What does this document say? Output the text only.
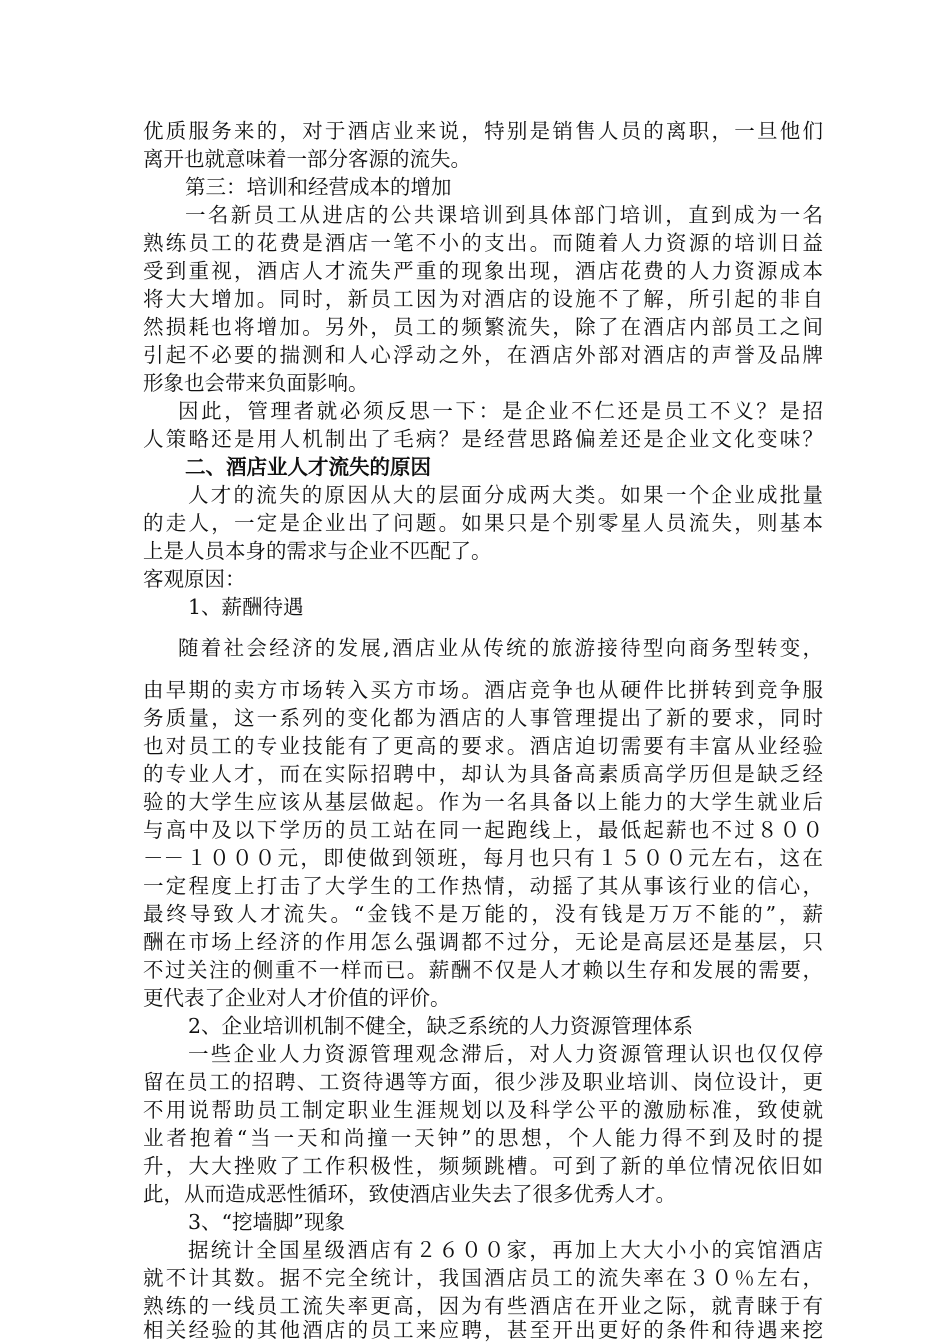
优质服务来的，对于酒店业来说，特别是销售人员的离职，一旦他们
离开也就意味着一部分客源的流失。
第三：培训和经营成本的增加
一名新员工从进店的公共课培训到具体部门培训，直到成为一名
熟练员工的花费是酒店一笔不小的支出。而随着人力资源的培训日益
受到重视，酒店人才流失严重的现象出现，酒店花费的人力资源成本
将大大增加。同时，新员工因为对酒店的设施不了解，所引起的非自
然损耗也将增加。另外，员工的频繁流失，除了在酒店内部员工之间
引起不必要的揣测和人心浮动之外，在酒店外部对酒店的声誉及品牌
形象也会带来负面影响。
因此，管理者就必须反思一下：是企业不仁还是员工不义？是招
人策略还是用人机制出了毛病？是经营思路偏差还是企业文化变味？
二、酒店业人才流失的原因
人才的流失的原因从大的层面分成两大类。如果一个企业成批量
的走人，一定是企业出了问题。如果只是个别零星人员流失，则基本
上是人员本身的需求与企业不匹配了。
客观原因：
1、薪酬待遇
随着社会经济的发展,酒店业从传统的旅游接待型向商务型转变，
由早期的卖方市场转入买方市场。酒店竞争也从硬件比拼转到竞争服
务质量，这一系列的变化都为酒店的人事管理提出了新的要求，同时
也对员工的专业技能有了更高的要求。酒店迫切需要有丰富从业经验
的专业人才，而在实际招聘中，却认为具备高素质高学历但是缺乏经
验的大学生应该从基层做起。作为一名具备以上能力的大学生就业后
与高中及以下学历的员工站在同一起跑线上，最低起薪也不过８００
－－１０００元，即使做到领班，每月也只有１５００元左右，这在
一定程度上打击了大学生的工作热情，动摇了其从事该行业的信心，
最终导致人才流失。“金钱不是万能的，没有钱是万万不能的”，薪
酬在市场上经济的作用怎么强调都不过分，无论是高层还是基层，只
不过关注的侧重不一样而已。薪酬不仅是人才赖以生存和发展的需要，
更代表了企业对人才价值的评价。
2、企业培训机制不健全，缺乏系统的人力资源管理体系
一些企业人力资源管理观念滞后，对人力资源管理认识也仅仅停
留在员工的招聘、工资待遇等方面，很少涉及职业培训、岗位设计，更
不用说帮助员工制定职业生涯规划以及科学公平的激励标准，致使就
业者抱着“当一天和尚撞一天钟”的思想，个人能力得不到及时的提
升，大大挫败了工作积极性，频频跳槽。可到了新的单位情况依旧如
此，从而造成恶性循环，致使酒店业失去了很多优秀人才。
3、“挖墙脚”现象
据统计全国星级酒店有２６００家，再加上大大小小的宾馆酒店
就不计其数。据不完全统计，我国酒店员工的流失率在３０％左右，
熟练的一线员工流失率更高，因为有些酒店在开业之际，就青睐于有
相关经验的其他酒店的员工来应聘，甚至开出更好的条件和待遇来挖
